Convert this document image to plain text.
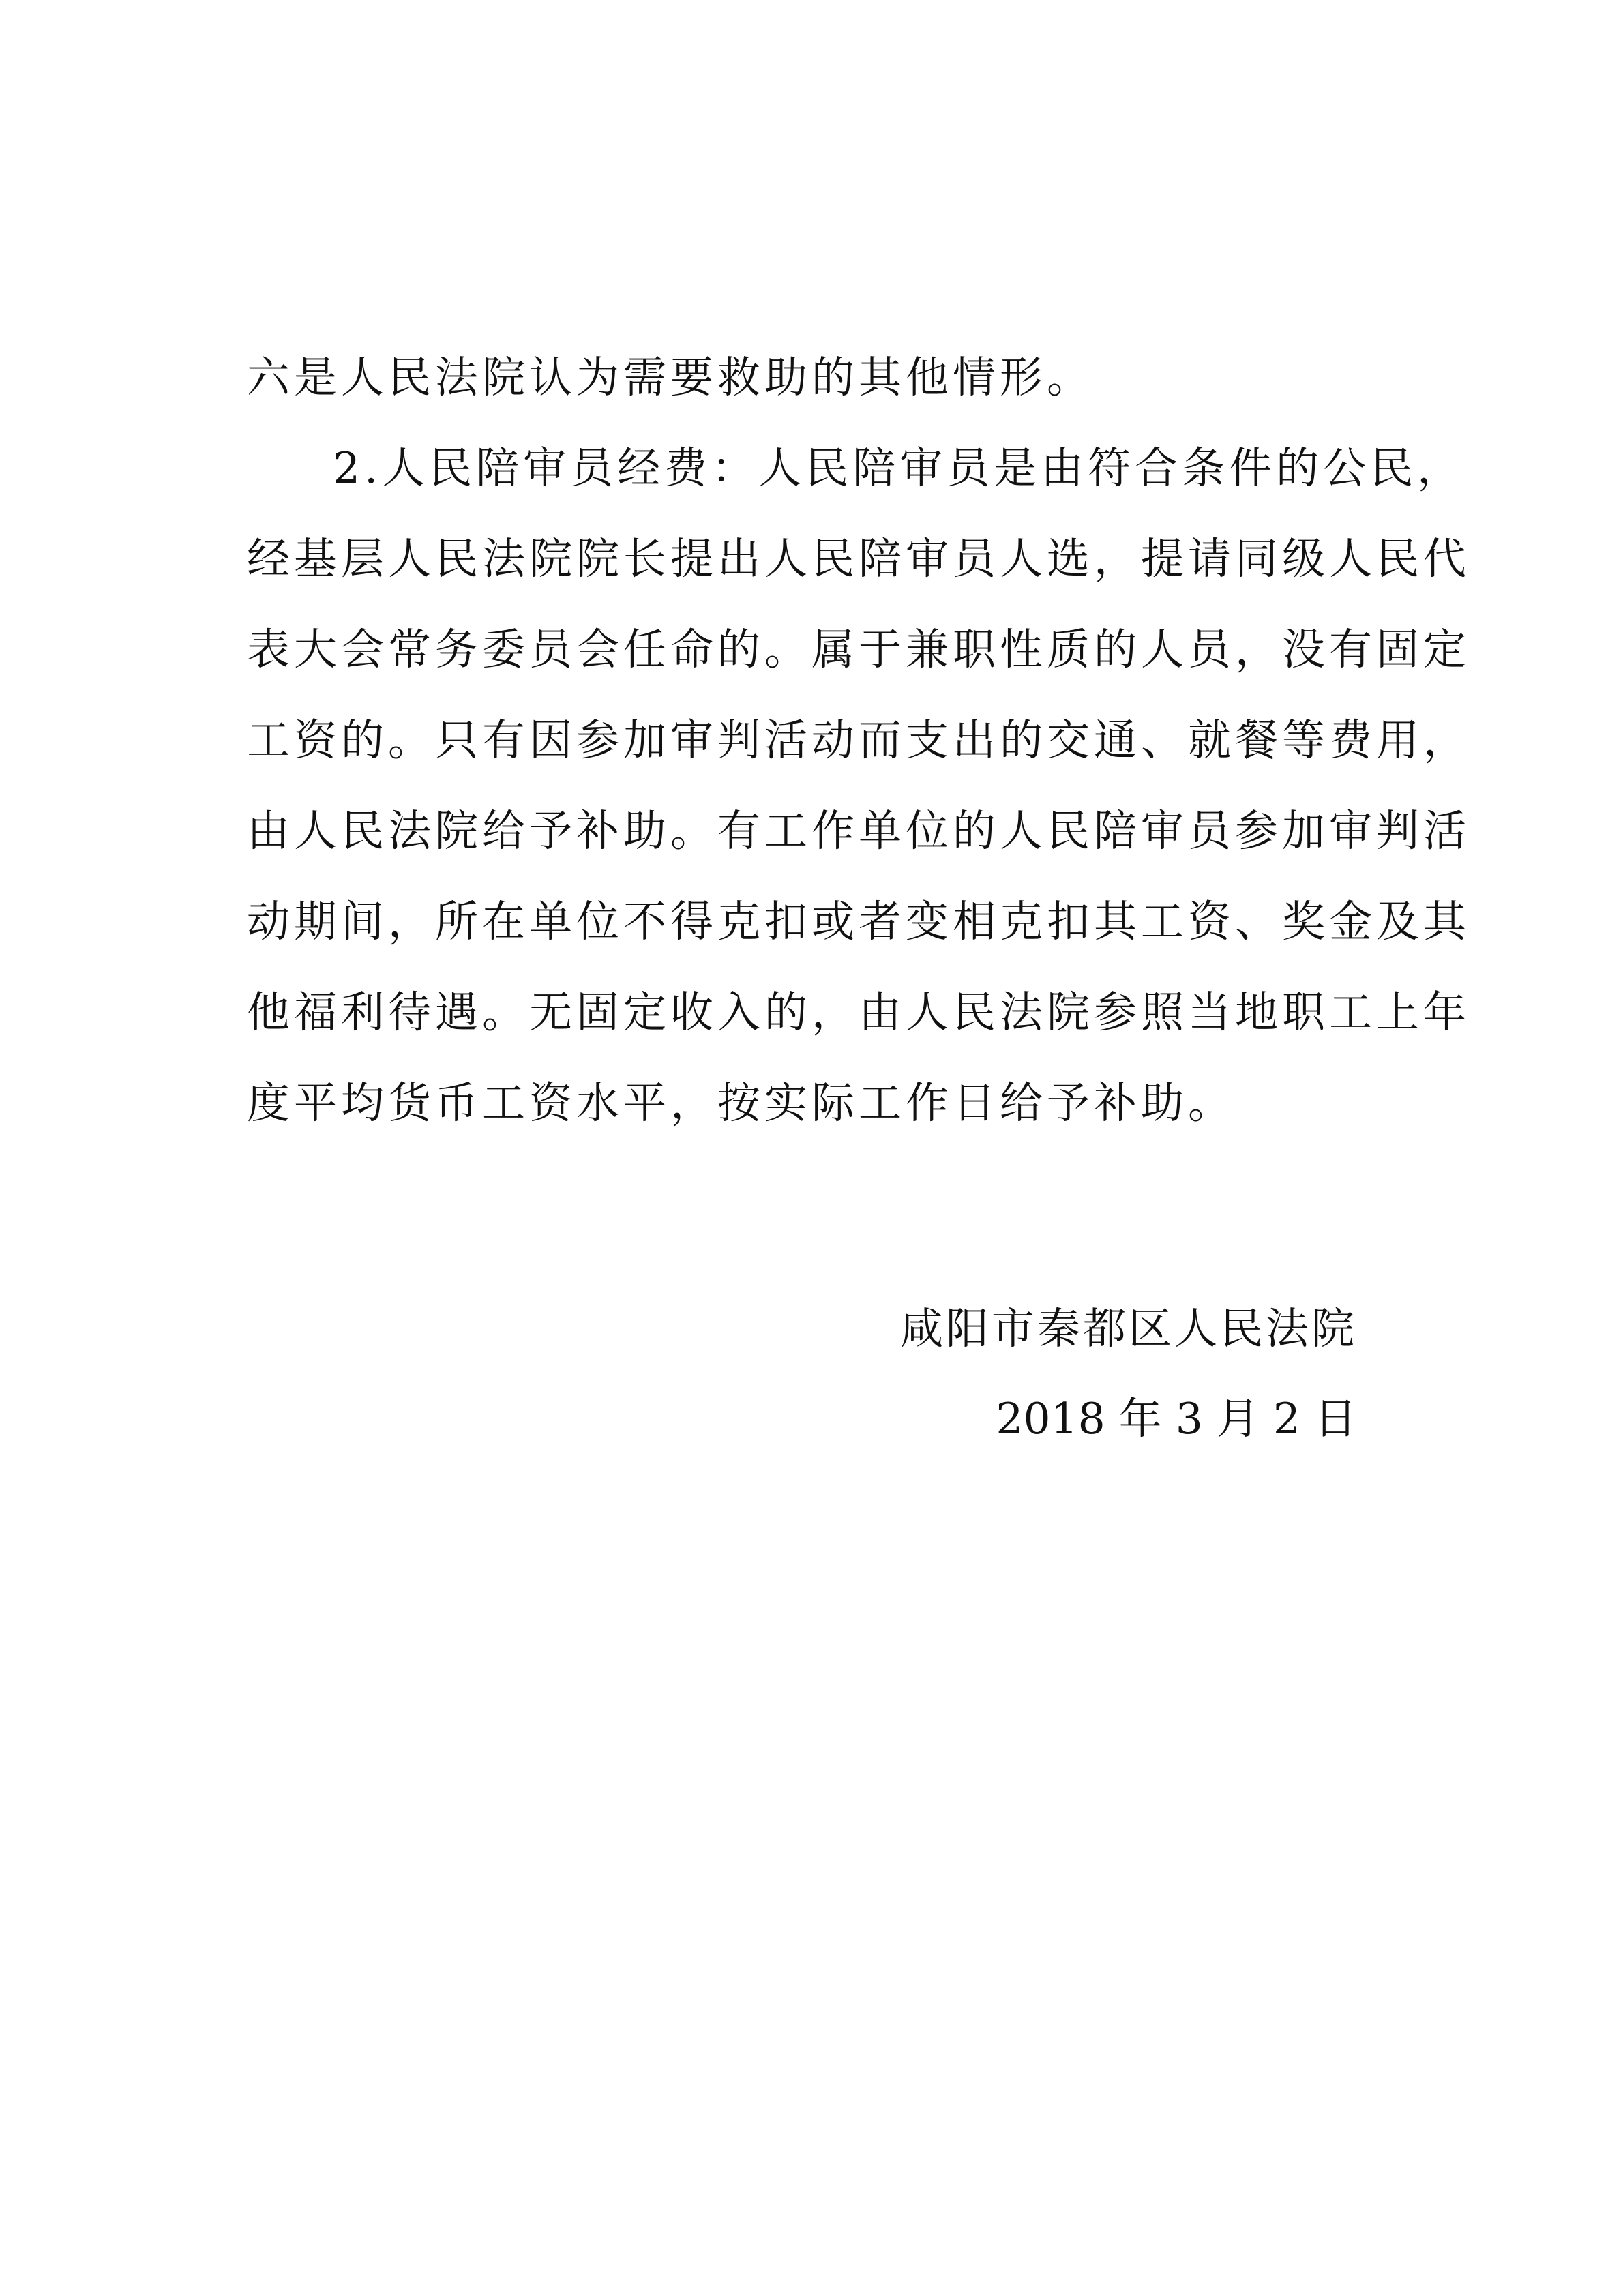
六是人民法院认为需要救助的其他情形。
2.人民陪审员经费：人民陪审员是由符合条件的公民，
经基层人民法院院长提出人民陪审员人选，提请同级人民代
表大会常务委员会任命的。属于兼职性质的人员，没有固定
工资的。只有因参加审判活动而支出的交通、就餐等费用，
由人民法院给予补助。有工作单位的人民陪审员参加审判活
动期间，所在单位不得克扣或者变相克扣其工资、奖金及其
他福利待遇。无固定收入的，由人民法院参照当地职工上年
度平均货币工资水平，按实际工作日给予补助。
咸阳市秦都区人民法院
2018 年 3 月 2 日
